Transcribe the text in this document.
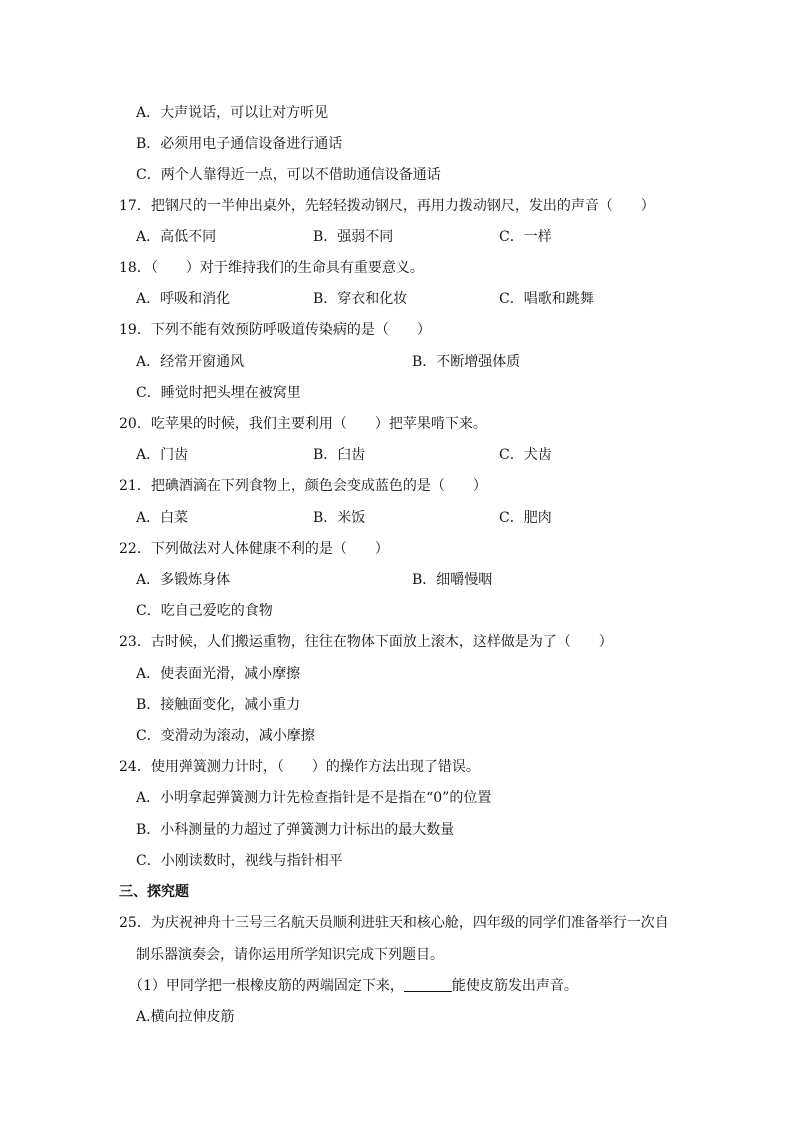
A．大声说话，可以让对方听见
B．必须用电子通信设备进行通话
C．两个人靠得近一点，可以不借助通信设备通话
17．把钢尺的一半伸出桌外，先轻轻拨动钢尺，再用力拨动钢尺，发出的声音（　　）
A．高低不同	B．强弱不同	C．一样
18．（　　）对于维持我们的生命具有重要意义。
A．呼吸和消化	B．穿衣和化妆	C．唱歌和跳舞
19．下列不能有效预防呼吸道传染病的是（　　）
A．经常开窗通风	B．不断增强体质
C．睡觉时把头埋在被窝里
20．吃苹果的时候，我们主要利用（　　）把苹果啃下来。
A．门齿	B．臼齿	C．犬齿
21．把碘酒滴在下列食物上，颜色会变成蓝色的是（　　）
A．白菜	B．米饭	C．肥肉
22．下列做法对人体健康不利的是（　　）
A．多锻炼身体	B．细嚼慢咽
C．吃自己爱吃的食物
23．古时候，人们搬运重物，往往在物体下面放上滚木，这样做是为了（　　）
A．使表面光滑，减小摩擦
B．接触面变化，减小重力
C．变滑动为滚动，减小摩擦
24．使用弹簧测力计时，（　　）的操作方法出现了错误。
A．小明拿起弹簧测力计先检查指针是不是指在“0”的位置
B．小科测量的力超过了弹簧测力计标出的最大数量
C．小刚读数时，视线与指针相平
三、探究题
25．为庆祝神舟十三号三名航天员顺利进驻天和核心舱，四年级的同学们准备举行一次自
制乐器演奏会，请你运用所学知识完成下列题目。
（1）甲同学把一根橡皮筋的两端固定下来，	能使皮筋发出声音。
A.横向拉伸皮筋
